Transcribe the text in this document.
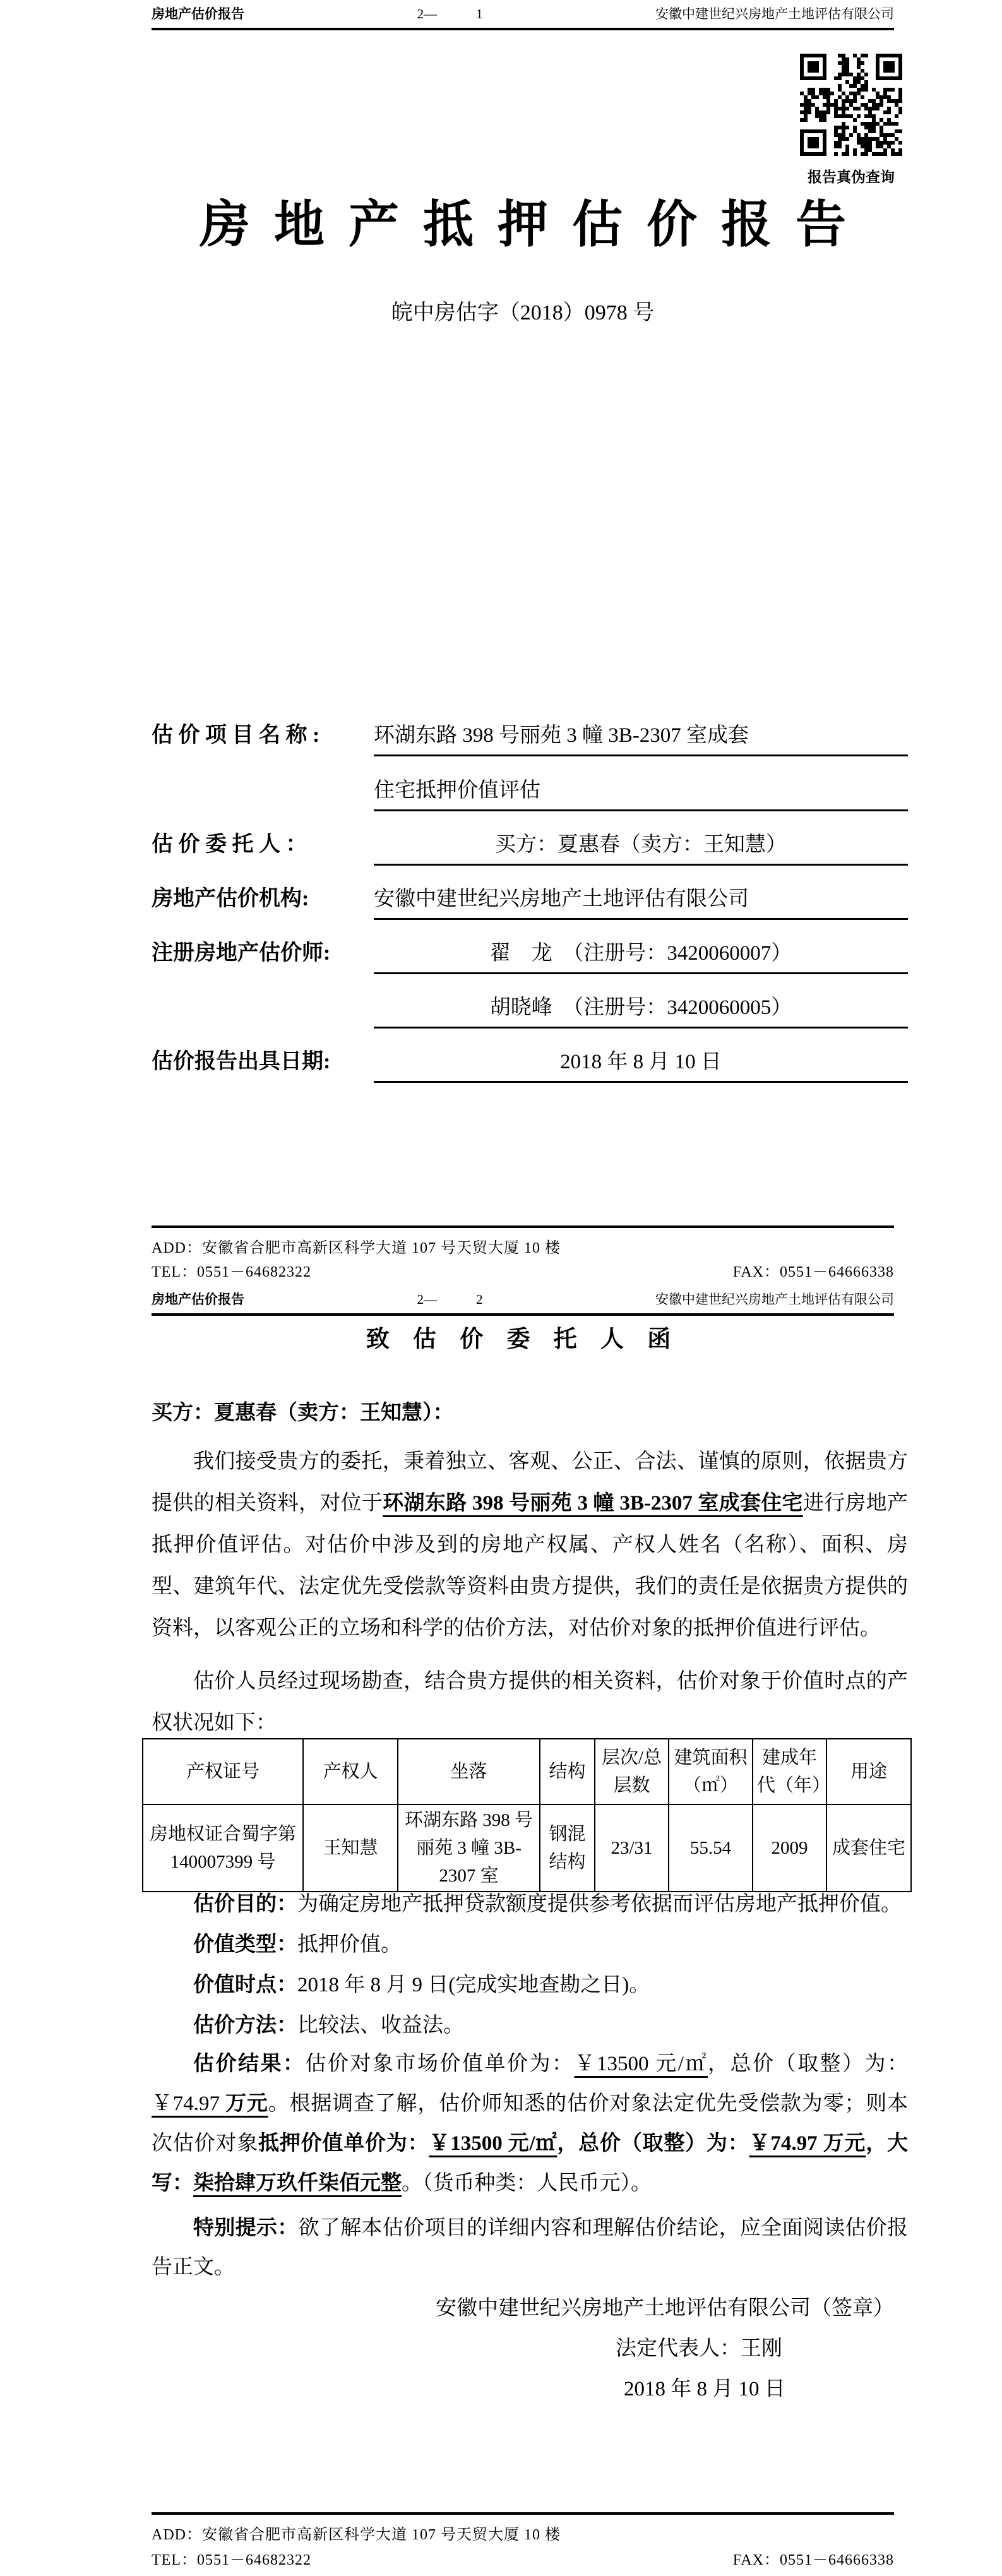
房地产估价报告	2—	1	安徽中建世纪兴房地产土地评估有限公司
报告真伪查询
房地产抵押估价报告
皖中房估字（2018）0978 号
估 价 项 目 名 称 :	环湖东路 398 号丽苑 3 幢 3B-2307 室成套
住宅抵押价值评估
估 价 委 托 人 ：	买方：夏惠春（卖方：王知慧）
房地产估价机构:	安徽中建世纪兴房地产土地评估有限公司
注册房地产估价师:	翟　龙　（注册号：3420060007）
胡晓峰　（注册号：3420060005）
估价报告出具日期:	2018 年 8 月 10 日
ADD：安徽省合肥市高新区科学大道 107 号天贸大厦 10 楼
TEL：0551－64682322	FAX：0551－64666338
房地产估价报告	2—	2	安徽中建世纪兴房地产土地评估有限公司
致 估 价 委 托 人 函
买方：夏惠春（卖方：王知慧）：
我们接受贵方的委托，秉着独立、客观、公正、合法、谨慎的原则，依据贵方提供的相关资料，对位于环湖东路 398 号丽苑 3 幢 3B-2307 室成套住宅进行房地产抵押价值评估。对估价中涉及到的房地产权属、产权人姓名（名称）、面积、房型、建筑年代、法定优先受偿款等资料由贵方提供，我们的责任是依据贵方提供的资料，以客观公正的立场和科学的估价方法，对估价对象的抵押价值进行评估。
估价人员经过现场勘查，结合贵方提供的相关资料，估价对象于价值时点的产权状况如下：
产权证号	产权人	坐落	结构	层次/总层数	建筑面积（㎡）	建成年代（年）	用途
房地权证合蜀字第140007399 号	王知慧	环湖东路 398 号丽苑 3 幢 3B-2307 室	钢混结构	23/31	55.54	2009	成套住宅
估价目的：为确定房地产抵押贷款额度提供参考依据而评估房地产抵押价值。
价值类型：抵押价值。
价值时点：2018 年 8 月 9 日(完成实地查勘之日)。
估价方法：比较法、收益法。
估价结果：估价对象市场价值单价为：￥13500 元/㎡，总价（取整）为：￥74.97 万元。根据调查了解，估价师知悉的估价对象法定优先受偿款为零；则本次估价对象抵押价值单价为：￥13500 元/㎡，总价（取整）为：￥74.97 万元，大写：柒拾肆万玖仟柒佰元整。（货币种类：人民币元）。
特别提示：欲了解本估价项目的详细内容和理解估价结论，应全面阅读估价报告正文。
安徽中建世纪兴房地产土地评估有限公司（签章）
法定代表人：王刚
2018 年 8 月 10 日
ADD：安徽省合肥市高新区科学大道 107 号天贸大厦 10 楼
TEL：0551－64682322	FAX：0551－64666338
